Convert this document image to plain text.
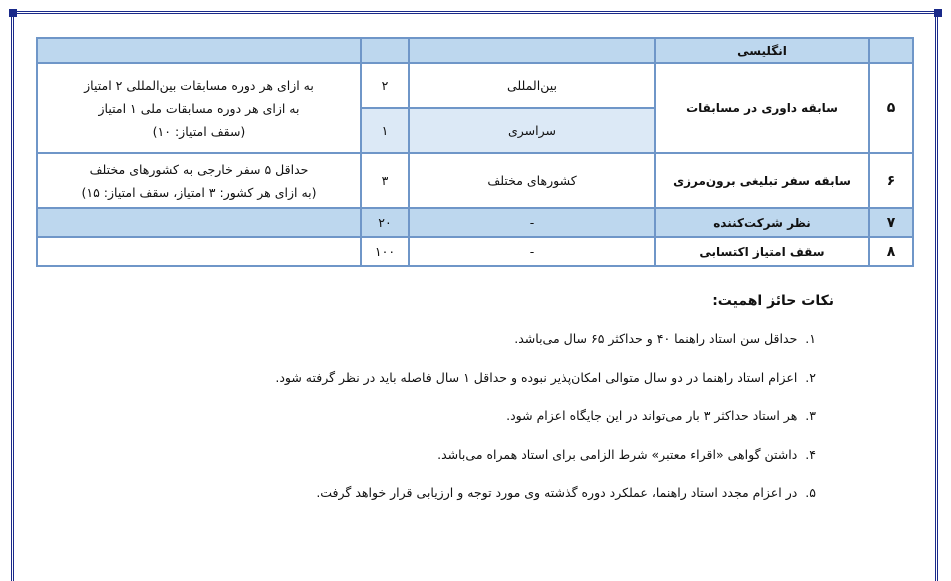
	انگلیسی			
۵	سابقه داوری در مسابقات	بین‌المللی	۲	به ازای هر دوره مسابقات بین‌المللی ۲ امتیاز
به ازای هر دوره مسابقات ملی ۱ امتیاز
(سقف امتیاز: ۱۰)

		سراسری	۱	
۶	سابقه سفر تبلیغی برون‌مرزی	کشورهای مختلف	۳	حداقل ۵ سفر خارجی به کشورهای مختلف
(به ازای هر کشور: ۳ امتیاز، سقف امتیاز: ۱۵)

۷	نظر شرکت‌کننده	-	۲۰	
۸	سقف امتیاز اکتسابی	-	۱۰۰	
نکات حائز اهمیت:
۱.حداقل سن استاد راهنما ۴۰ و حداکثر ۶۵ سال می‌باشد.
۲.اعزام استاد راهنما در دو سال متوالی امکان‌پذیر نبوده و حداقل ۱ سال فاصله باید در نظر گرفته شود.
۳.هر استاد حداکثر ۳ بار می‌تواند در این جایگاه اعزام شود.
۴.داشتن گواهی «اقراء معتبر» شرط الزامی برای استاد همراه می‌باشد.
۵.در اعزام مجدد استاد راهنما، عملکرد دوره گذشته وی مورد توجه و ارزیابی قرار خواهد گرفت.
